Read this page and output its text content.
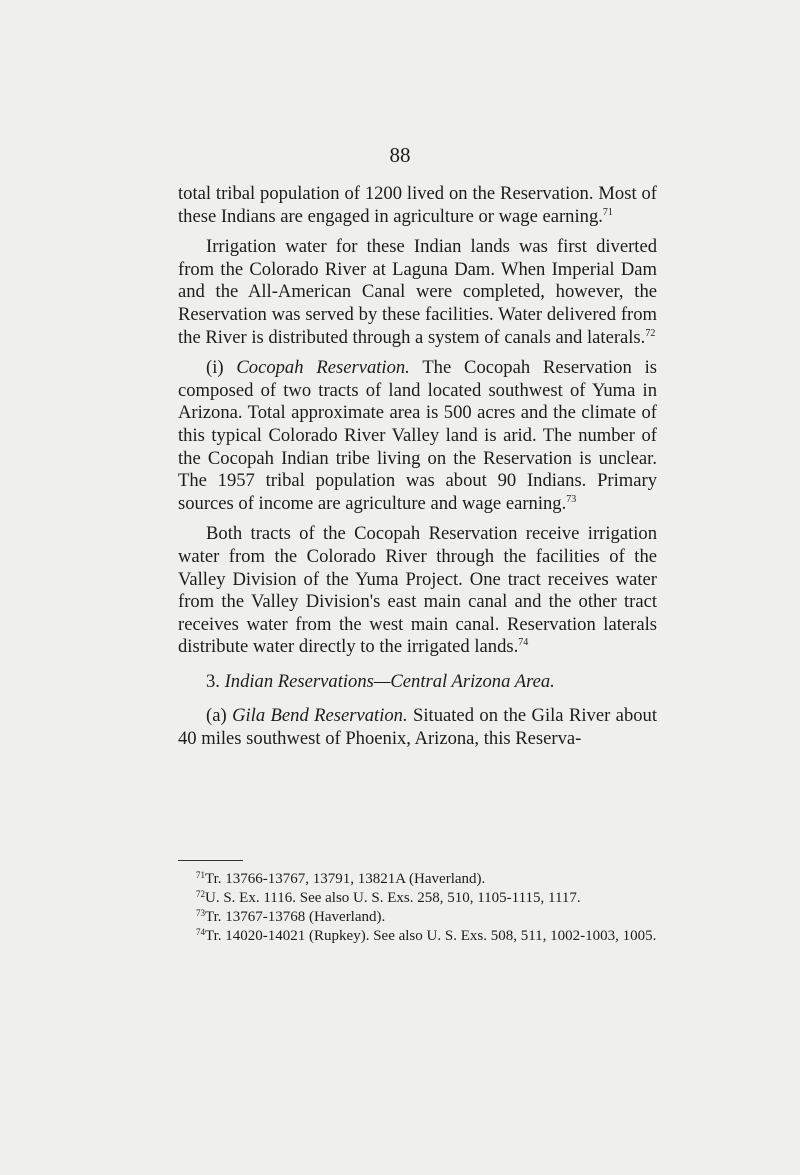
88

total tribal population of 1200 lived on the Reservation. Most of these Indians are engaged in agriculture or wage earning.$^{71}$

Irrigation water for these Indian lands was first diverted from the Colorado River at Laguna Dam. When Imperial Dam and the All-American Canal were completed, however, the Reservation was served by these facilities. Water delivered from the River is distributed through a system of canals and laterals.$^{72}$

(i) Cocopah Reservation. The Cocopah Reservation is composed of two tracts of land located southwest of Yuma in Arizona. Total approximate area is 500 acres and the climate of this typical Colorado River Valley land is arid. The number of the Cocopah Indian tribe living on the Reservation is unclear. The 1957 tribal population was about 90 Indians. Primary sources of income are agriculture and wage earning.$^{73}$

Both tracts of the Cocopah Reservation receive irrigation water from the Colorado River through the facilities of the Valley Division of the Yuma Project. One tract receives water from the Valley Division's east main canal and the other tract receives water from the west main canal. Reservation laterals distribute water directly to the irrigated lands.$^{74}$

3. Indian Reservations—Central Arizona Area.

(a) Gila Bend Reservation. Situated on the Gila River about 40 miles southwest of Phoenix, Arizona, this Reserva-

$^{71}$Tr. 13766-13767, 13791, 13821A (Haverland).

$^{72}$U. S. Ex. 1116. See also U. S. Exs. 258, 510, 1105-1115, 1117.

$^{73}$Tr. 13767-13768 (Haverland).

$^{74}$Tr. 14020-14021 (Rupkey). See also U. S. Exs. 508, 511, 1002-1003, 1005.
